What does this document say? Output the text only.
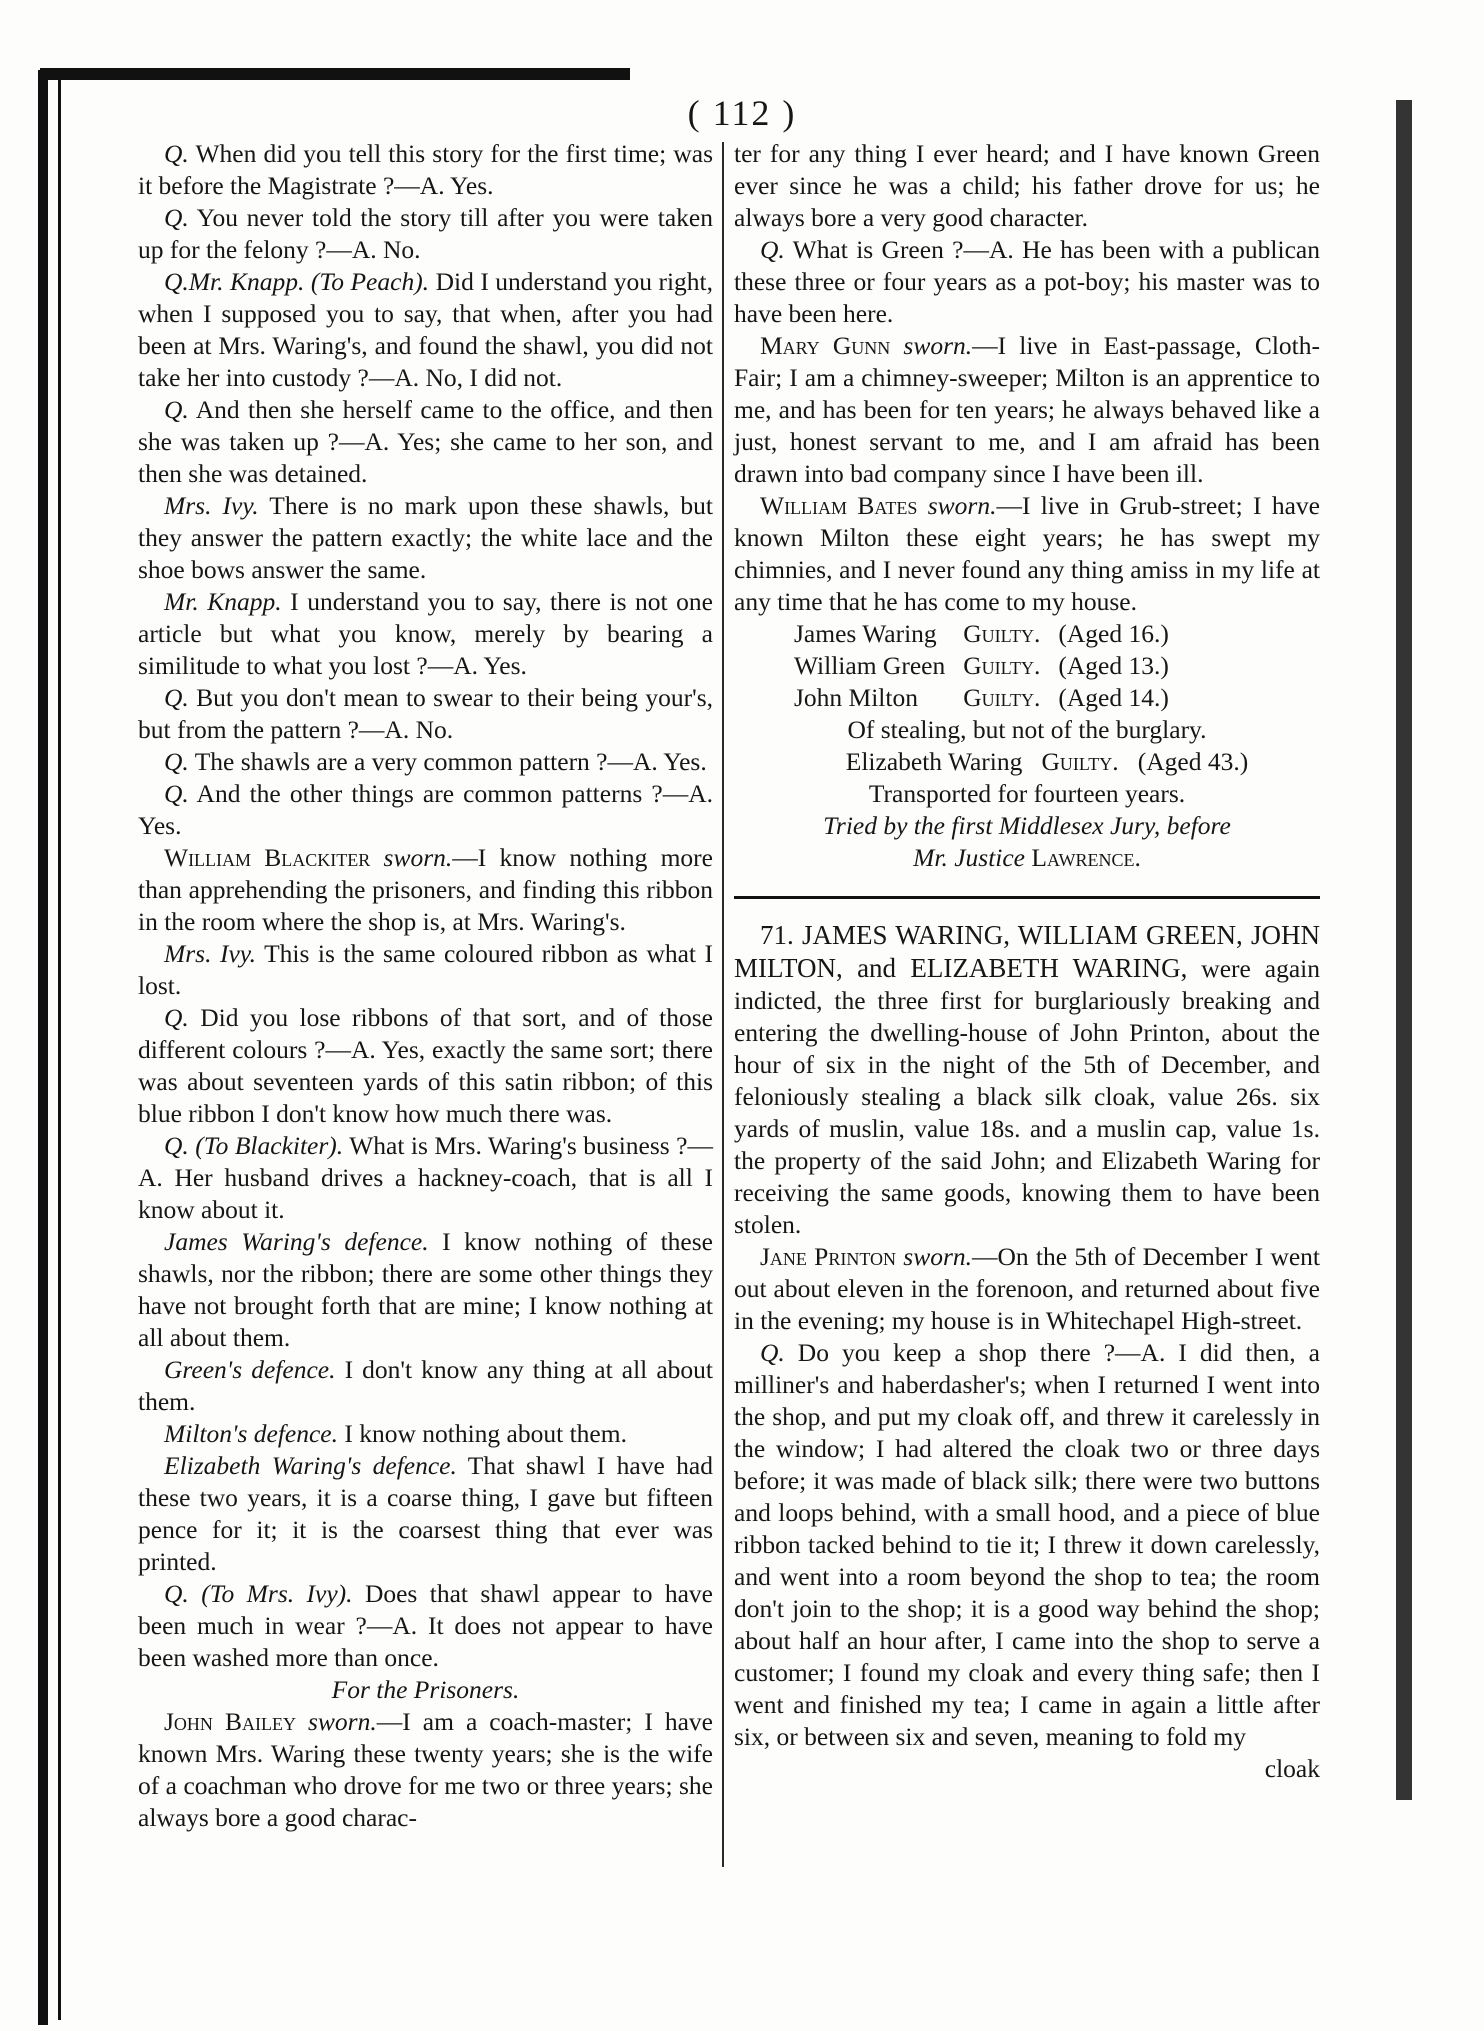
( 112 )

Q. When did you tell this story for the first time; was it before the Magistrate ?—A. Yes.

Q. You never told the story till after you were taken up for the felony ?—A. No.

Q.Mr. Knapp. (To Peach). Did I understand you right, when I supposed you to say, that when, after you had been at Mrs. Waring's, and found the shawl, you did not take her into custody ?—A. No, I did not.

Q. And then she herself came to the office, and then she was taken up ?—A. Yes; she came to her son, and then she was detained.

Mrs. Ivy. There is no mark upon these shawls, but they answer the pattern exactly; the white lace and the shoe bows answer the same.

Mr. Knapp. I understand you to say, there is not one article but what you know, merely by bearing a similitude to what you lost ?—A. Yes.

Q. But you don't mean to swear to their being your's, but from the pattern ?—A. No.

Q. The shawls are a very common pattern ?—A. Yes.

Q. And the other things are common patterns ?—A. Yes.

William Blackiter sworn.—I know nothing more than apprehending the prisoners, and finding this ribbon in the room where the shop is, at Mrs. Waring's.

Mrs. Ivy. This is the same coloured ribbon as what I lost.

Q. Did you lose ribbons of that sort, and of those different colours ?—A. Yes, exactly the same sort; there was about seventeen yards of this satin ribbon; of this blue ribbon I don't know how much there was.

Q. (To Blackiter). What is Mrs. Waring's business ?—A. Her husband drives a hackney-coach, that is all I know about it.

James Waring's defence. I know nothing of these shawls, nor the ribbon; there are some other things they have not brought forth that are mine; I know nothing at all about them.

Green's defence. I don't know any thing at all about them.

Milton's defence. I know nothing about them.

Elizabeth Waring's defence. That shawl I have had these two years, it is a coarse thing, I gave but fifteen pence for it; it is the coarsest thing that ever was printed.

Q. (To Mrs. Ivy). Does that shawl appear to have been much in wear ?—A. It does not appear to have been washed more than once.

For the Prisoners.

John Bailey sworn.—I am a coach-master; I have known Mrs. Waring these twenty years; she is the wife of a coachman who drove for me two or three years; she always bore a good charac-

ter for any thing I ever heard; and I have known Green ever since he was a child; his father drove for us; he always bore a very good character.

Q. What is Green ?—A. He has been with a publican these three or four years as a pot-boy; his master was to have been here.

Mary Gunn sworn.—I live in East-passage, Cloth-Fair; I am a chimney-sweeper; Milton is an apprentice to me, and has been for ten years; he always behaved like a just, honest servant to me, and I am afraid has been drawn into bad company since I have been ill.

William Bates sworn.—I live in Grub-street; I have known Milton these eight years; he has swept my chimnies, and I never found any thing amiss in my life at any time that he has come to my house.

James Waring	Guilty.	(Aged 16.)
William Green	Guilty.	(Aged 13.)
John Milton	Guilty.	(Aged 14.)

Of stealing, but not of the burglary.

Elizabeth Waring Guilty. (Aged 43.)

Transported for fourteen years.

Tried by the first Middlesex Jury, before

Mr. Justice Lawrence.

71. JAMES WARING, WILLIAM GREEN, JOHN MILTON, and ELIZABETH WARING, were again indicted, the three first for burglariously breaking and entering the dwelling-house of John Printon, about the hour of six in the night of the 5th of December, and feloniously stealing a black silk cloak, value 26s. six yards of muslin, value 18s. and a muslin cap, value 1s. the property of the said John; and Elizabeth Waring for receiving the same goods, knowing them to have been stolen.

Jane Printon sworn.—On the 5th of December I went out about eleven in the forenoon, and returned about five in the evening; my house is in Whitechapel High-street.

Q. Do you keep a shop there ?—A. I did then, a milliner's and haberdasher's; when I returned I went into the shop, and put my cloak off, and threw it carelessly in the window; I had altered the cloak two or three days before; it was made of black silk; there were two buttons and loops behind, with a small hood, and a piece of blue ribbon tacked behind to tie it; I threw it down carelessly, and went into a room beyond the shop to tea; the room don't join to the shop; it is a good way behind the shop; about half an hour after, I came into the shop to serve a customer; I found my cloak and every thing safe; then I went and finished my tea; I came in again a little after six, or between six and seven, meaning to fold my

cloak
